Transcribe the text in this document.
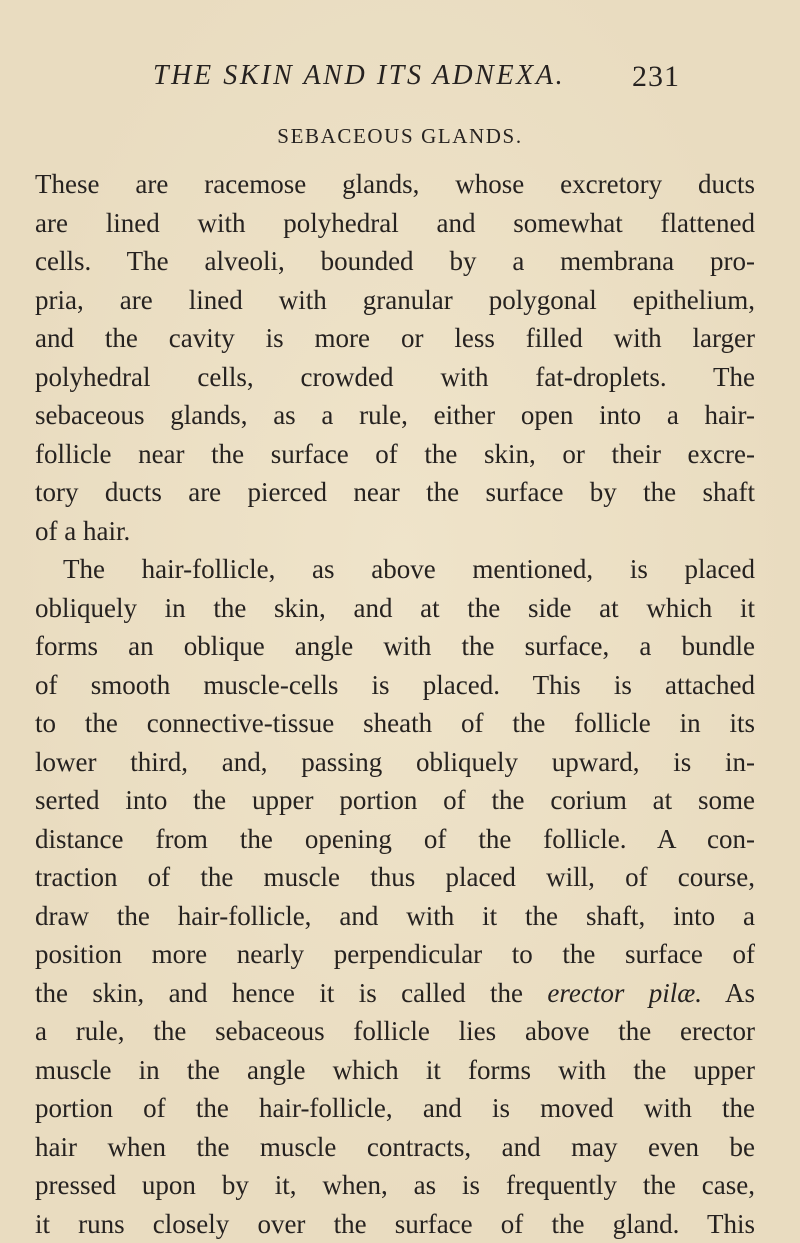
THE SKIN AND ITS ADNEXA. 231
SEBACEOUS GLANDS.
These are racemose glands, whose excretory ducts
are lined with polyhedral and somewhat flattened
cells. The alveoli, bounded by a membrana pro-
pria, are lined with granular polygonal epithelium,
and the cavity is more or less filled with larger
polyhedral cells, crowded with fat-droplets. The
sebaceous glands, as a rule, either open into a hair-
follicle near the surface of the skin, or their excre-
tory ducts are pierced near the surface by the shaft
of a hair.
The hair-follicle, as above mentioned, is placed
obliquely in the skin, and at the side at which it
forms an oblique angle with the surface, a bundle
of smooth muscle-cells is placed. This is attached
to the connective-tissue sheath of the follicle in its
lower third, and, passing obliquely upward, is in-
serted into the upper portion of the corium at some
distance from the opening of the follicle. A con-
traction of the muscle thus placed will, of course,
draw the hair-follicle, and with it the shaft, into a
position more nearly perpendicular to the surface of
the skin, and hence it is called the erector pilæ. As
a rule, the sebaceous follicle lies above the erector
muscle in the angle which it forms with the upper
portion of the hair-follicle, and is moved with the
hair when the muscle contracts, and may even be
pressed upon by it, when, as is frequently the case,
it runs closely over the surface of the gland. This
